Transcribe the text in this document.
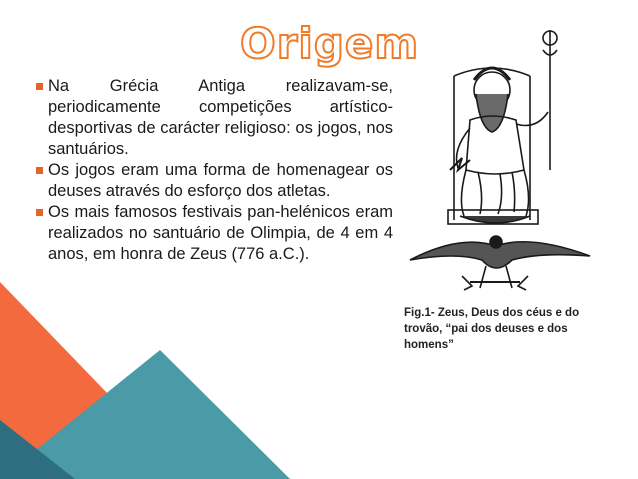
Origem
Na Grécia Antiga realizavam-se, periodicamente competições artístico-desportivas de carácter religioso: os jogos, nos santuários.
Os jogos eram uma forma de homenagear os deuses através do esforço dos atletas.
Os mais famosos festivais pan-helénicos eram realizados no santuário de Olimpia, de 4 em 4 anos, em honra de Zeus (776 a.C.).
Fig.1- Zeus, Deus dos céus e do trovão, “pai dos deuses e dos homens”
